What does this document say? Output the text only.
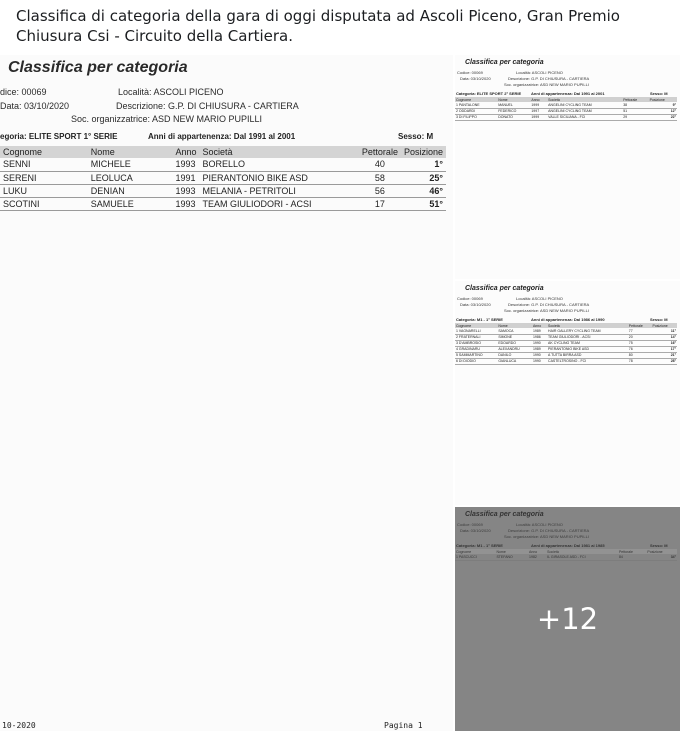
Classifica di categoria della gara di oggi disputata ad Ascoli Piceno, Gran Premio Chiusura Csi - Circuito della Cartiera.
Classifica per categoria
dice: 00069	Località: ASCOLI PICENO
Data: 03/10/2020	Descrizione: G.P. DI CHIUSURA - CARTIERA
Soc. organizzatrice: ASD NEW MARIO PUPILLI
egoria: ELITE SPORT 1° SERIE	Anni di appartenenza: Dal 1991 al 2001	Sesso: M
Cognome	Nome	Anno	Società	Pettorale	Posizione
SENNI	MICHELE	1993	BORELLO	40	1°
SERENI	LEOLUCA	1991	PIERANTONIO BIKE ASD	58	25°
LUKU	DENIAN	1993	MELANIA - PETRITOLI	56	46°
SCOTINI	SAMUELE	1993	TEAM GIULIODORI - ACSI	17	51°
10-2020	Pagina 1
Classifica per categoria
Codice: 00069	Località: ASCOLI PICENO
Data: 03/10/2020	Descrizione: G.P. DI CHIUSURA - CARTIERA
Soc. organizzatrice: ASD NEW MARIO PUPILLI
Categoria: ELITE SPORT 2° SERIE Anni di appartenenza: Dal 1991 al 2001	Sesso: M
Cognome	Nome	Anno	Società	Pettorale	Posizione
1 PANTALONE	MANUEL	1999	ANGELINI CYCLING TEAM	38	9°
2 ODDARDI	FEDERICO	1997	ANGELINI CYCLING TEAM	51	12°
3 DI FILIPPO	DONATO	1999	VALLE SICILIANA - FCI	29	22°
Classifica per categoria
Codice: 00069	Località: ASCOLI PICENO
Data: 03/10/2020	Descrizione: G.P. DI CHIUSURA - CARTIERA
Soc. organizzatrice: ASD NEW MARIO PUPILLI
Categoria: M1 - 1° SERIE	Anni di appartenenza: Dal 1986 al 1990	Sesso: M
Cognome	Nome	Anno	Società	Pettorale	Posizione
1 VAGNARELLI	SAMOCA	1989	HAIR GALLERY CYCLING TEAM	77	11°
2 FRATERNALI	SIMONE	1986	TEAM GIULIODORI - ACSI	20	14°
3 D'AMBROSIO	EDOARDO	1990	AK CYCLING TEAM	75	16°
4 GRADINARU	ALEXANDRU	1989	PIERANTONIO BIKE ASD	76	17°
5 SAMMARTINO	DANILO	1990	A TUTTA BIRRA ASD	80	21°
6 DI DIODIO	GIANLUCA	1990	CASTELTROSINO - FCI	78	28°
Classifica per categoria
Codice: 00069	Località: ASCOLI PICENO
Data: 03/10/2020	Descrizione: G.P. DI CHIUSURA - CARTIERA
Soc. organizzatrice: ASD NEW MARIO PUPILLI
Categoria: M1 - 1° SERIE	Anni di appartenenza: Dal 1981 al 1985	Sesso: M
Cognome	Nome	Anno	Società	Pettorale	Posizione
1 PASCUCCI	STEFANO	1982	IL GIRASOLE ASD - FCI	84	34°
+12
